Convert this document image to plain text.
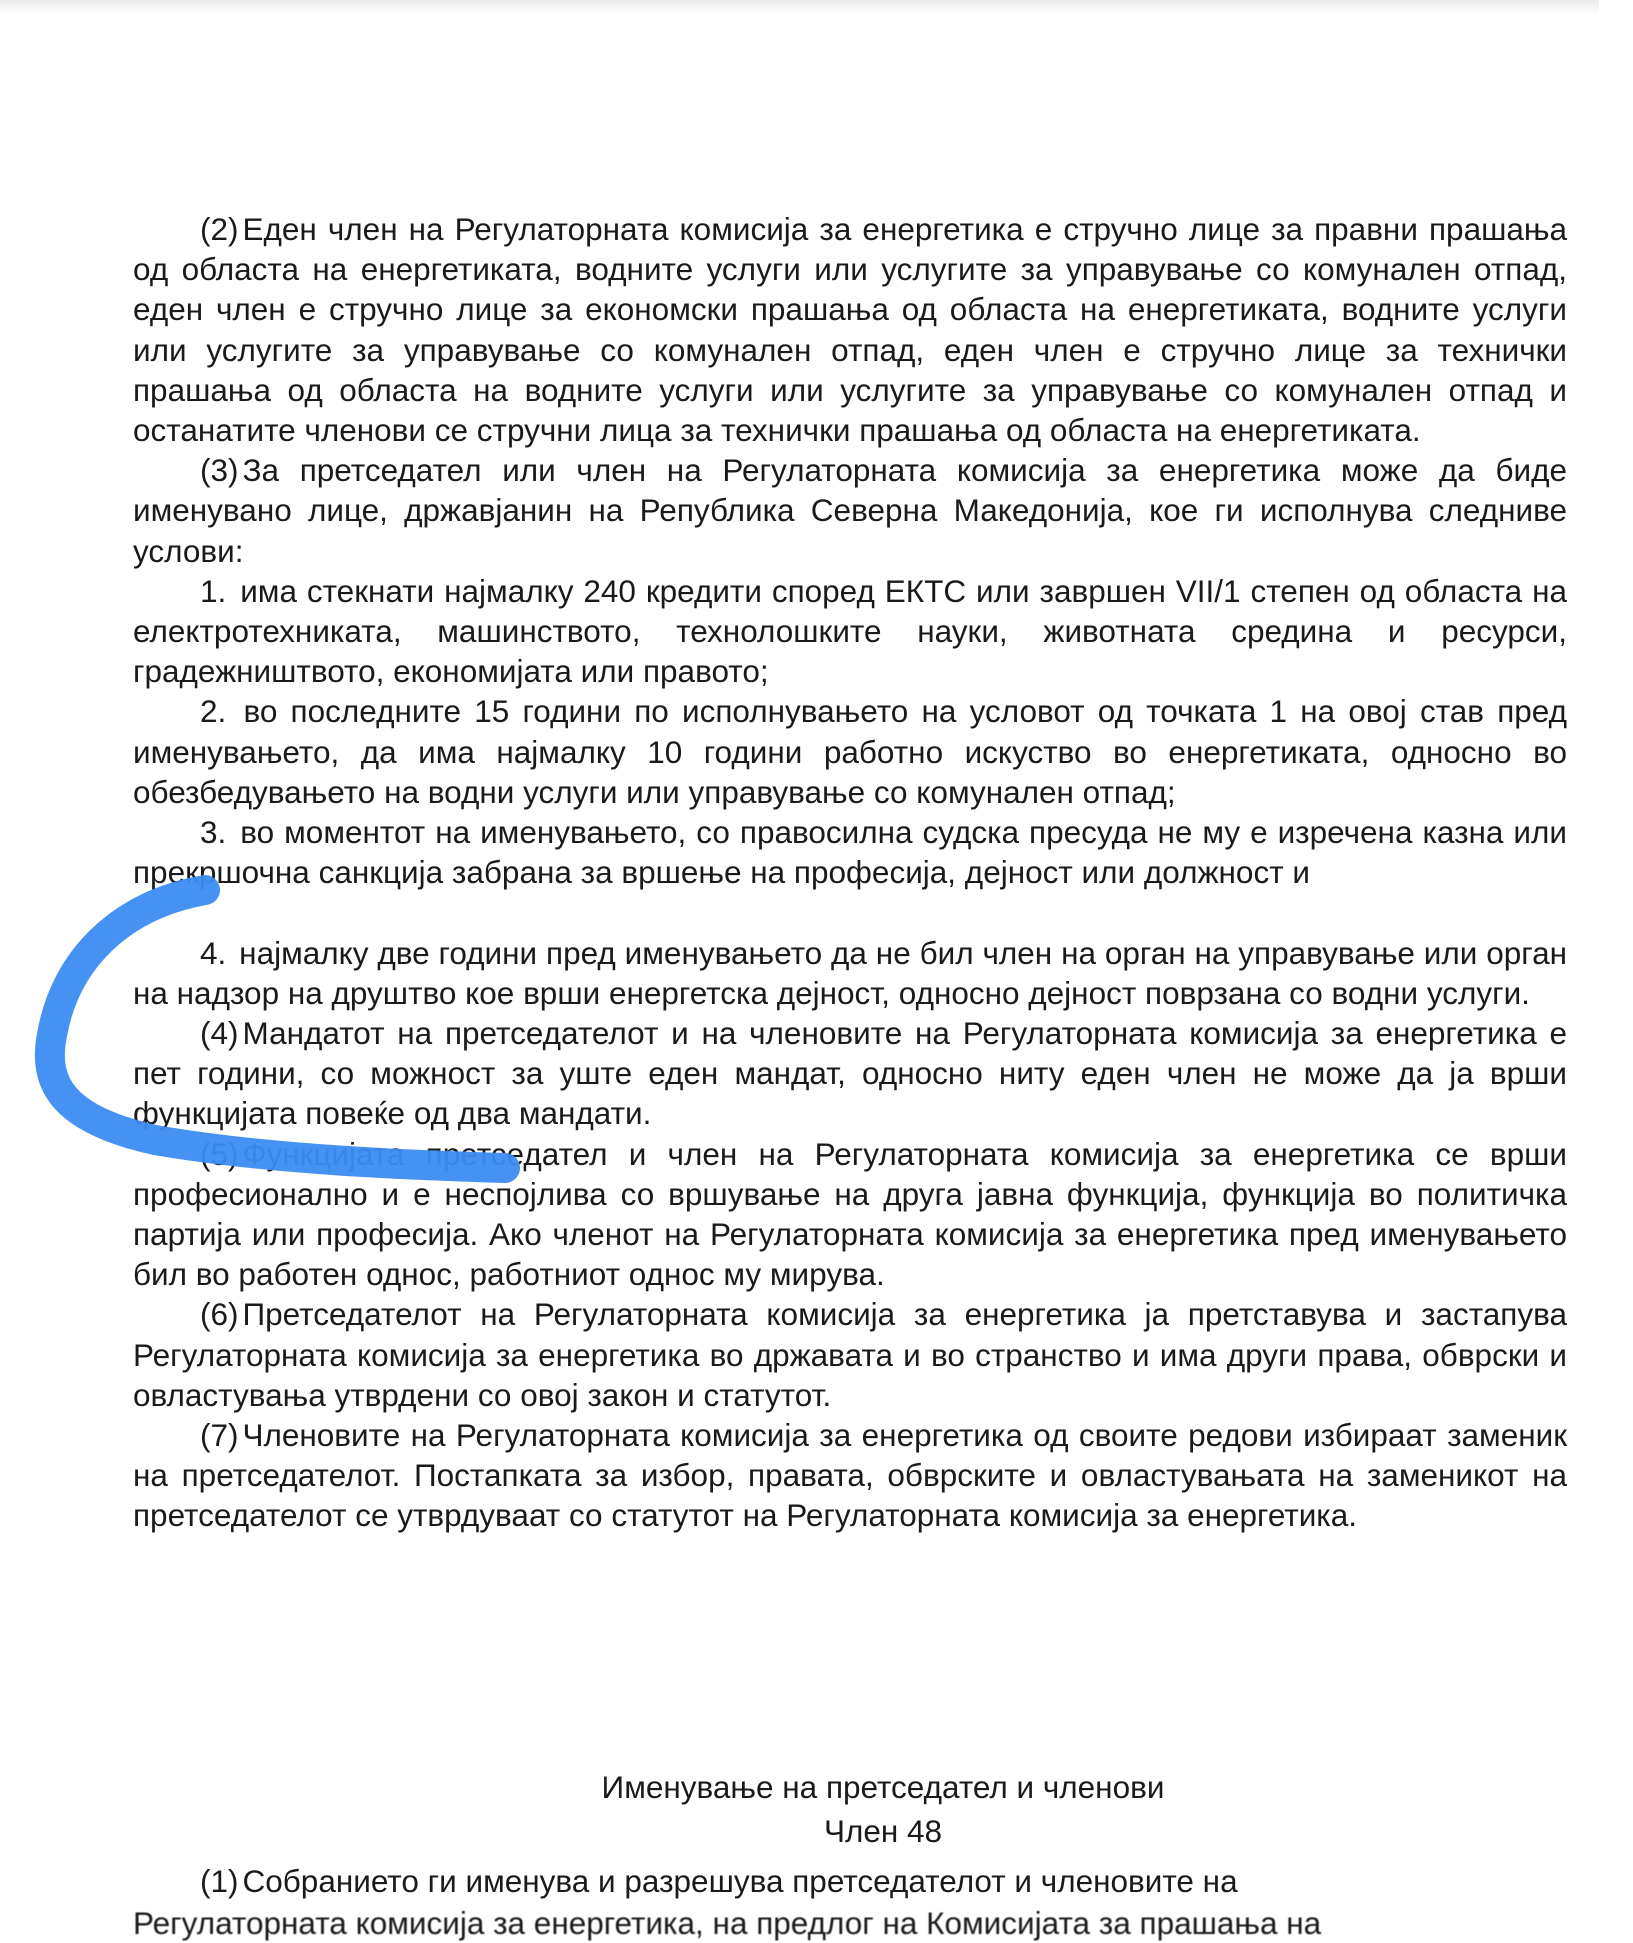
(2) Еден член на Регулаторната комисија за енергетика е стручно лице за правни прашања од областа на енергетиката, водните услуги или услугите за управување со комунален отпад, еден член е стручно лице за економски прашања од областа на енергетиката, водните услуги или услугите за управување со комунален отпад, еден член е стручно лице за технички прашања од областа на водните услуги или услугите за управување со комунален отпад и останатите членови се стручни лица за технички прашања од областа на енергетиката.

(3) За претседател или член на Регулаторната комисија за енергетика може да биде именувано лице, државјанин на Република Северна Македонија, кое ги исполнува следниве услови:

1. има стекнати најмалку 240 кредити според ЕКТС или завршен VII/1 степен од областа на електротехниката, машинството, технолошките науки, животната средина и ресурси, градежништвото, економијата или правото;

2. во последните 15 години по исполнувањето на условот од точката 1 на овој став пред именувањето, да има најмалку 10 години работно искуство во енергетиката, односно во обезбедувањето на водни услуги или управување со комунален отпад;

3. во моментот на именувањето, со правосилна судска пресуда не му е изречена казна или прекршочна санкција забрана за вршење на професија, дејност или должност и

4. најмалку две години пред именувањето да не бил член на орган на управување или орган на надзор на друштво кое врши енергетска дејност, односно дејност поврзана со водни услуги.

(4) Мандатот на претседателот и на членовите на Регулаторната комисија за енергетика е пет години, со можност за уште еден мандат, односно ниту еден член не може да ја врши функцијата повеќе од два мандати.

(5) Функцијата претседател и член на Регулаторната комисија за енергетика се врши професионално и е неспојлива со вршување на друга јавна функција, функција во политичка партија или професија. Ако членот на Регулаторната комисија за енергетика пред именувањето бил во работен однос, работниот однос му мирува.

(6) Претседателот на Регулаторната комисија за енергетика ја претставува и застапува Регулаторната комисија за енергетика во државата и во странство и има други права, обврски и овластувања утврдени со овој закон и статутот.

(7) Членовите на Регулаторната комисија за енергетика од своите редови избираат заменик на претседателот. Постапката за избор, правата, обврските и овластувањата на заменикот на претседателот се утврдуваат со статутот на Регулаторната комисија за енергетика.

Именување на претседател и членови
Член 48
(1) Собранието ги именува и разрешува претседателот и членовите на
Регулаторната комисија за енергетика, на предлог на Комисијата за прашања на
